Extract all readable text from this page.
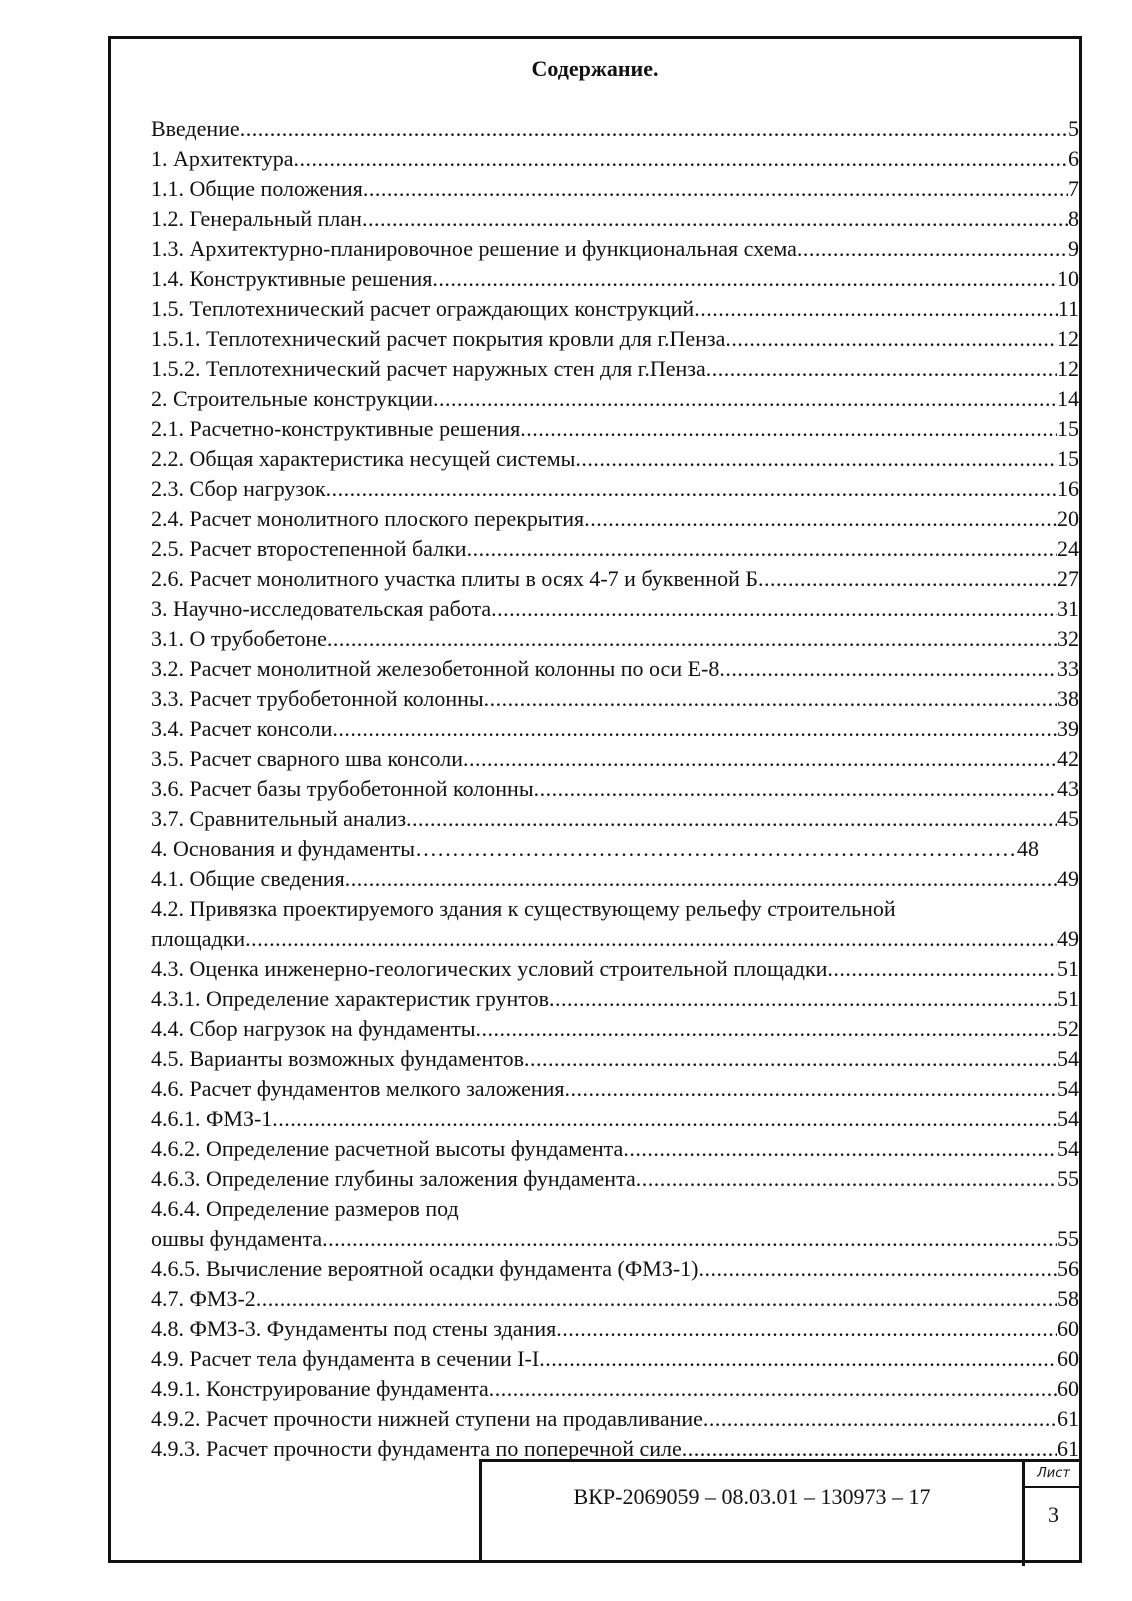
Содержание.
Введение .....	5
1. Архитектура .....	6
1.1. Общие положения .....	7
1.2. Генеральный план .....	8
1.3. Архитектурно-планировочное решение и функциональная схема .....	9
1.4. Конструктивные решения .....	10
1.5. Теплотехнический расчет ограждающих конструкций .....	11
1.5.1. Теплотехнический расчет покрытия кровли для г.Пенза .....	12
1.5.2. Теплотехнический расчет наружных стен для г.Пенза .....	12
2. Строительные конструкции .....	14
2.1. Расчетно-конструктивные решения .....	15
2.2. Общая характеристика несущей системы .....	15
2.3. Сбор нагрузок .....	16
2.4. Расчет монолитного плоского перекрытия .....	20
2.5. Расчет второстепенной балки .....	24
2.6. Расчет монолитного участка плиты в осях 4-7 и буквенной Б .....	27
3. Научно-исследовательская работа .....	31
3.1. О трубобетоне .....	32
3.2. Расчет монолитной железобетонной колонны по оси Е-8 .....	33
3.3. Расчет трубобетонной колонны .....	38
3.4. Расчет консоли .....	39
3.5. Расчет сварного шва консоли .....	42
3.6. Расчет базы трубобетонной колонны .....	43
3.7. Сравнительный анализ .....	45
4. Основания и фундаменты …………………………………………………………………………………………………………………………………………	48
4.1. Общие сведения .....	49
4.2. Привязка проектируемого здания к существующему рельефу строительной
площадки .....	49
4.3. Оценка инженерно-геологических условий строительной площадки .....	51
4.3.1. Определение характеристик грунтов .....	51
4.4. Сбор нагрузок на фундаменты .....	52
4.5. Варианты возможных фундаментов .....	54
4.6. Расчет фундаментов мелкого заложения .....	54
4.6.1. ФМЗ-1 .....	54
4.6.2. Определение расчетной высоты фундамента .....	54
4.6.3. Определение глубины заложения фундамента .....	55
4.6.4. Определение размеров под
ошвы фундамента .....	55
4.6.5. Вычисление вероятной осадки фундамента (ФМЗ-1) .....	56
4.7. ФМЗ-2 .....	58
4.8. ФМЗ-3. Фундаменты под стены здания .....	60
4.9. Расчет тела фундамента в сечении I-I .....	60
4.9.1. Конструирование фундамента .....	60
4.9.2. Расчет прочности нижней ступени на продавливание .....	61
4.9.3. Расчет прочности фундамента по поперечной силе .....	61
ВКР-2069059 – 08.03.01 – 130973 – 17
Лист
3
